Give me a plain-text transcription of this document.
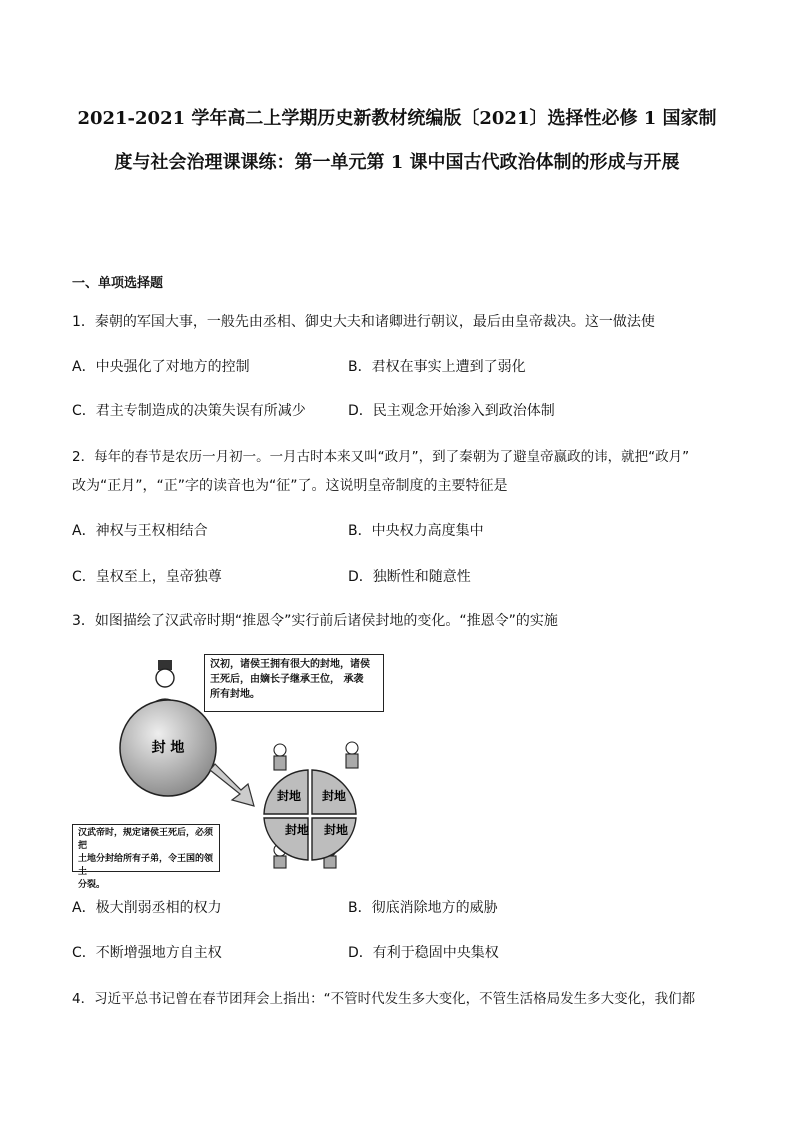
2021-2021 学年高二上学期历史新教材统编版〔2021〕选择性必修 1 国家制
度与社会治理课课练：第一单元第 1 课中国古代政治体制的形成与开展
一、单项选择题
1．秦朝的军国大事，一般先由丞相、御史大夫和诸卿进行朝议，最后由皇帝裁决。这一做法使
A．中央强化了对地方的控制	B．君权在事实上遭到了弱化
C．君主专制造成的决策失误有所减少	D．民主观念开始渗入到政治体制
2．每年的春节是农历一月初一。一月古时本来又叫“政月”，到了秦朝为了避皇帝嬴政的讳，就把“政月”
改为“正月”，“正”字的读音也为“征”了。这说明皇帝制度的主要特征是
A．神权与王权相结合	B．中央权力高度集中
C．皇权至上，皇帝独尊	D．独断性和随意性
3．如图描绘了汉武帝时期“推恩令”实行前后诸侯封地的变化。“推恩令”的实施
封 地
封地 封地
封地 封地
汉初，诸侯王拥有很大的封地，诸侯
王死后，由嫡长子继承王位， 承袭
所有封地。
汉武帝时，规定诸侯王死后，必须把
土地分封给所有子弟，令王国的领土
分裂。
A．极大削弱丞相的权力	B．彻底消除地方的威胁
C．不断增强地方自主权	D．有利于稳固中央集权
4．习近平总书记曾在春节团拜会上指出：“不管时代发生多大变化，不管生活格局发生多大变化，我们都
